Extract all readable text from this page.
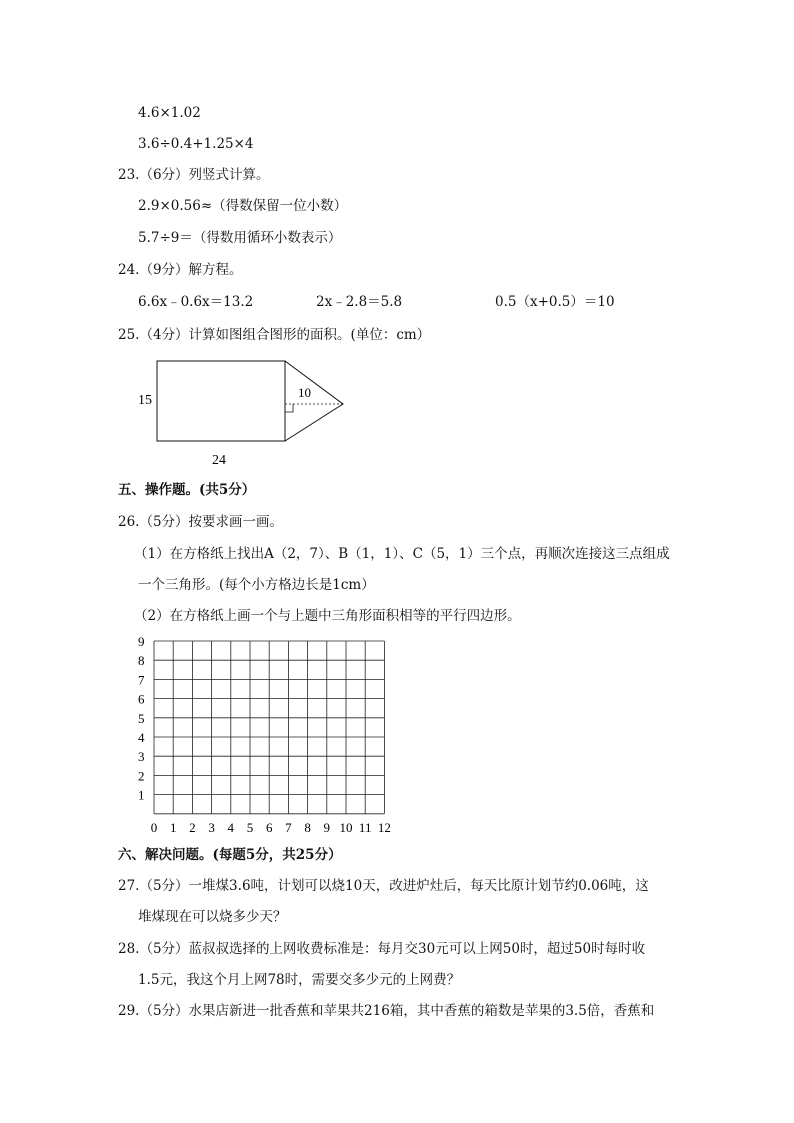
4.6×1.02
3.6÷0.4+1.25×4
23.（6分）列竖式计算。
2.9×0.56≈（得数保留一位小数）
5.7÷9＝（得数用循环小数表示）
24.（9分）解方程。
6.6x﹣0.6x＝13.2	2x﹣2.8＝5.8	0.5（x+0.5）＝10
25.（4分）计算如图组合图形的面积。(单位：cm）
15
10
24
五、操作题。(共5分）
26.（5分）按要求画一画。
（1）在方格纸上找出A（2，7）、B（1，1）、C（5，1）三个点，再顺次连接这三点组成
一个三角形。(每个小方格边长是1cm）
（2）在方格纸上画一个与上题中三角形面积相等的平行四边形。
1
2
3
4
5
6
7
8
9
0 1 2 3 4 5 6 7 8 9 10 11 12
六、解决问题。(每题5分，共25分）
27.（5分）一堆煤3.6吨，计划可以烧10天，改进炉灶后，每天比原计划节约0.06吨，这
堆煤现在可以烧多少天？
28.（5分）蓝叔叔选择的上网收费标准是：每月交30元可以上网50时，超过50时每时收
1.5元，我这个月上网78时，需要交多少元的上网费？
29.（5分）水果店新进一批香蕉和苹果共216箱，其中香蕉的箱数是苹果的3.5倍，香蕉和
